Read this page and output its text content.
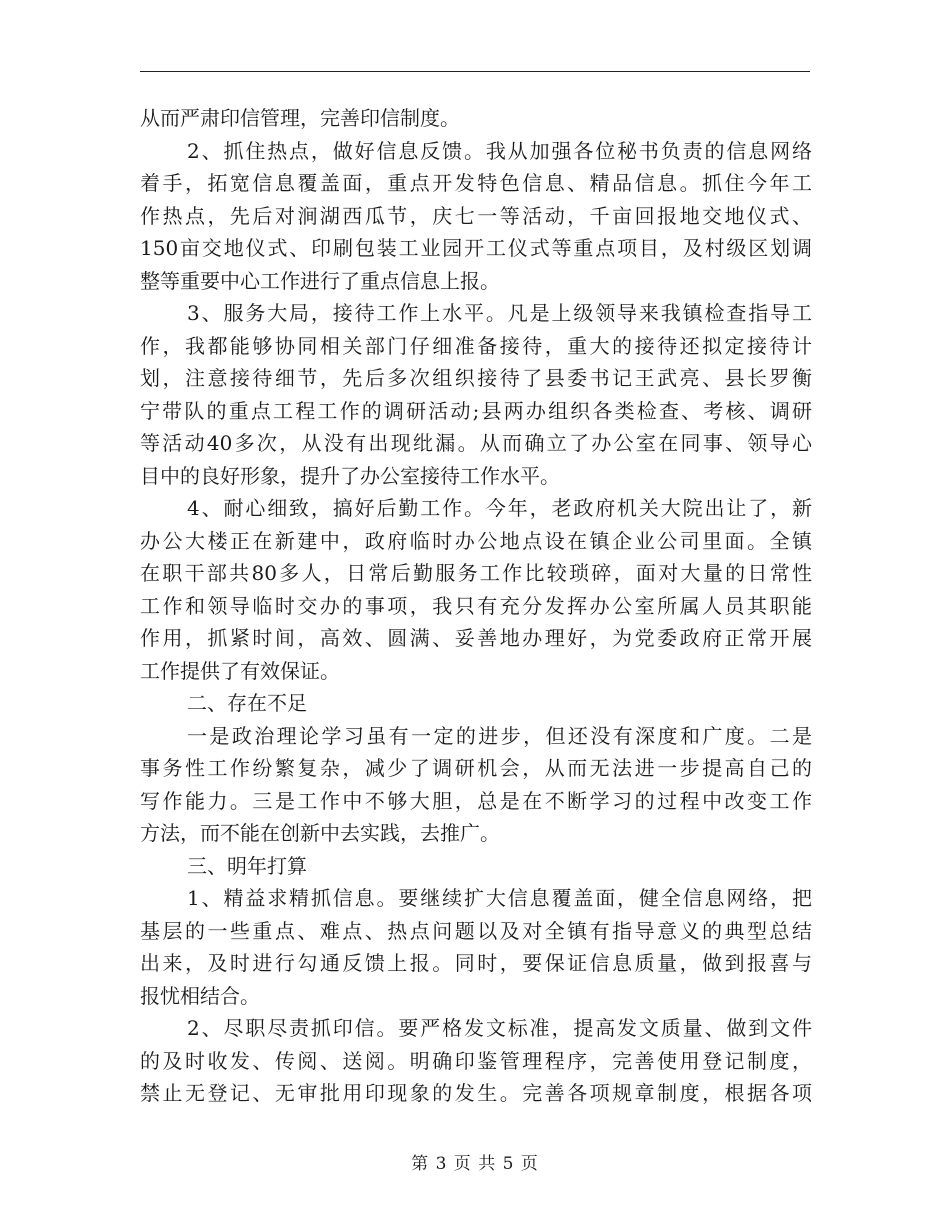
从而严肃印信管理，完善印信制度。
2、抓住热点，做好信息反馈。我从加强各位秘书负责的信息网络
着手，拓宽信息覆盖面，重点开发特色信息、精品信息。抓住今年工
作热点，先后对涧湖西瓜节，庆七一等活动，千亩回报地交地仪式、
150亩交地仪式、印刷包装工业园开工仪式等重点项目，及村级区划调
整等重要中心工作进行了重点信息上报。
3、服务大局，接待工作上水平。凡是上级领导来我镇检查指导工
作，我都能够协同相关部门仔细准备接待，重大的接待还拟定接待计
划，注意接待细节，先后多次组织接待了县委书记王武亮、县长罗衡
宁带队的重点工程工作的调研活动;县两办组织各类检查、考核、调研
等活动40多次，从没有出现纰漏。从而确立了办公室在同事、领导心
目中的良好形象，提升了办公室接待工作水平。
4、耐心细致，搞好后勤工作。今年，老政府机关大院出让了，新
办公大楼正在新建中，政府临时办公地点设在镇企业公司里面。全镇
在职干部共80多人，日常后勤服务工作比较琐碎，面对大量的日常性
工作和领导临时交办的事项，我只有充分发挥办公室所属人员其职能
作用，抓紧时间，高效、圆满、妥善地办理好，为党委政府正常开展
工作提供了有效保证。
二、存在不足
一是政治理论学习虽有一定的进步，但还没有深度和广度。二是
事务性工作纷繁复杂，减少了调研机会，从而无法进一步提高自己的
写作能力。三是工作中不够大胆，总是在不断学习的过程中改变工作
方法，而不能在创新中去实践，去推广。
三、明年打算
1、精益求精抓信息。要继续扩大信息覆盖面，健全信息网络，把
基层的一些重点、难点、热点问题以及对全镇有指导意义的典型总结
出来，及时进行勾通反馈上报。同时，要保证信息质量，做到报喜与
报忧相结合。
2、尽职尽责抓印信。要严格发文标准，提高发文质量、做到文件
的及时收发、传阅、送阅。明确印鉴管理程序，完善使用登记制度，
禁止无登记、无审批用印现象的发生。完善各项规章制度，根据各项
第 3 页 共 5 页
